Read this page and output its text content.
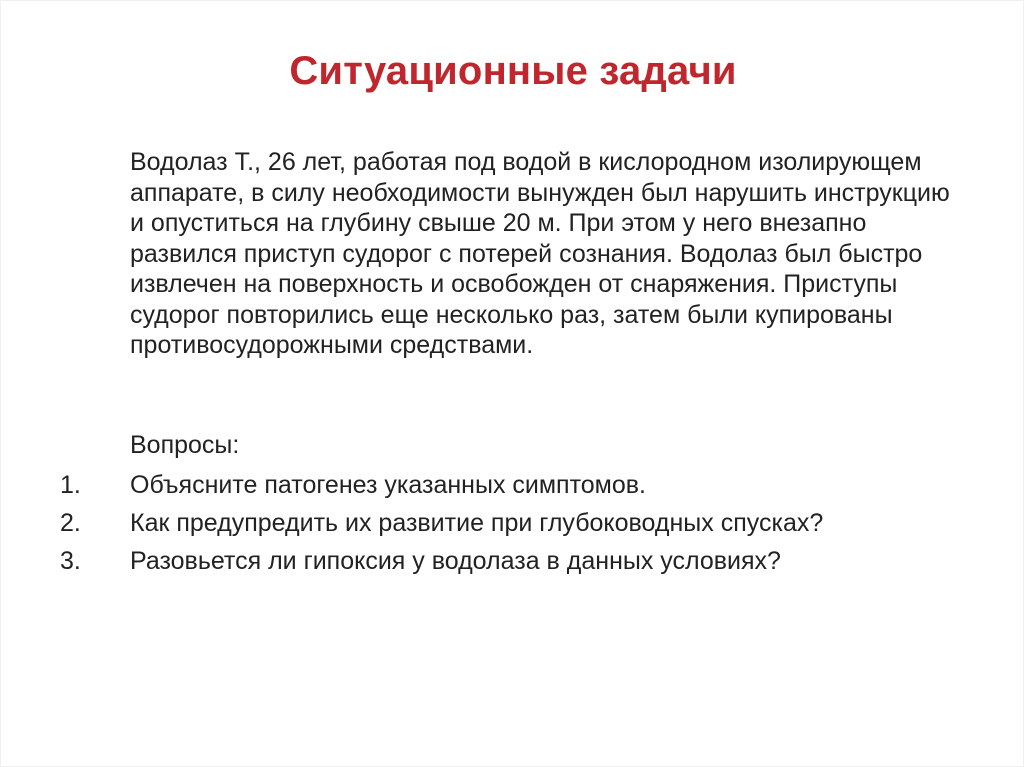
Ситуационные задачи

Водолаз Т., 26 лет, работая под водой в кислородном изолирующем аппарате, в силу необходимости вынужден был нарушить инструкцию и опуститься на глубину свыше 20 м. При этом у него внезапно развился приступ судорог с потерей сознания. Водолаз был быстро извлечен на поверхность и освобожден от снаряжения. Приступы судорог повторились еще несколько раз, затем были купированы противосудорожными средствами.

Вопросы:
1. Объясните патогенез указанных симптомов.
2. Как предупредить их развитие при глубоководных спусках?
3. Разовьется ли гипоксия у водолаза в данных условиях?
